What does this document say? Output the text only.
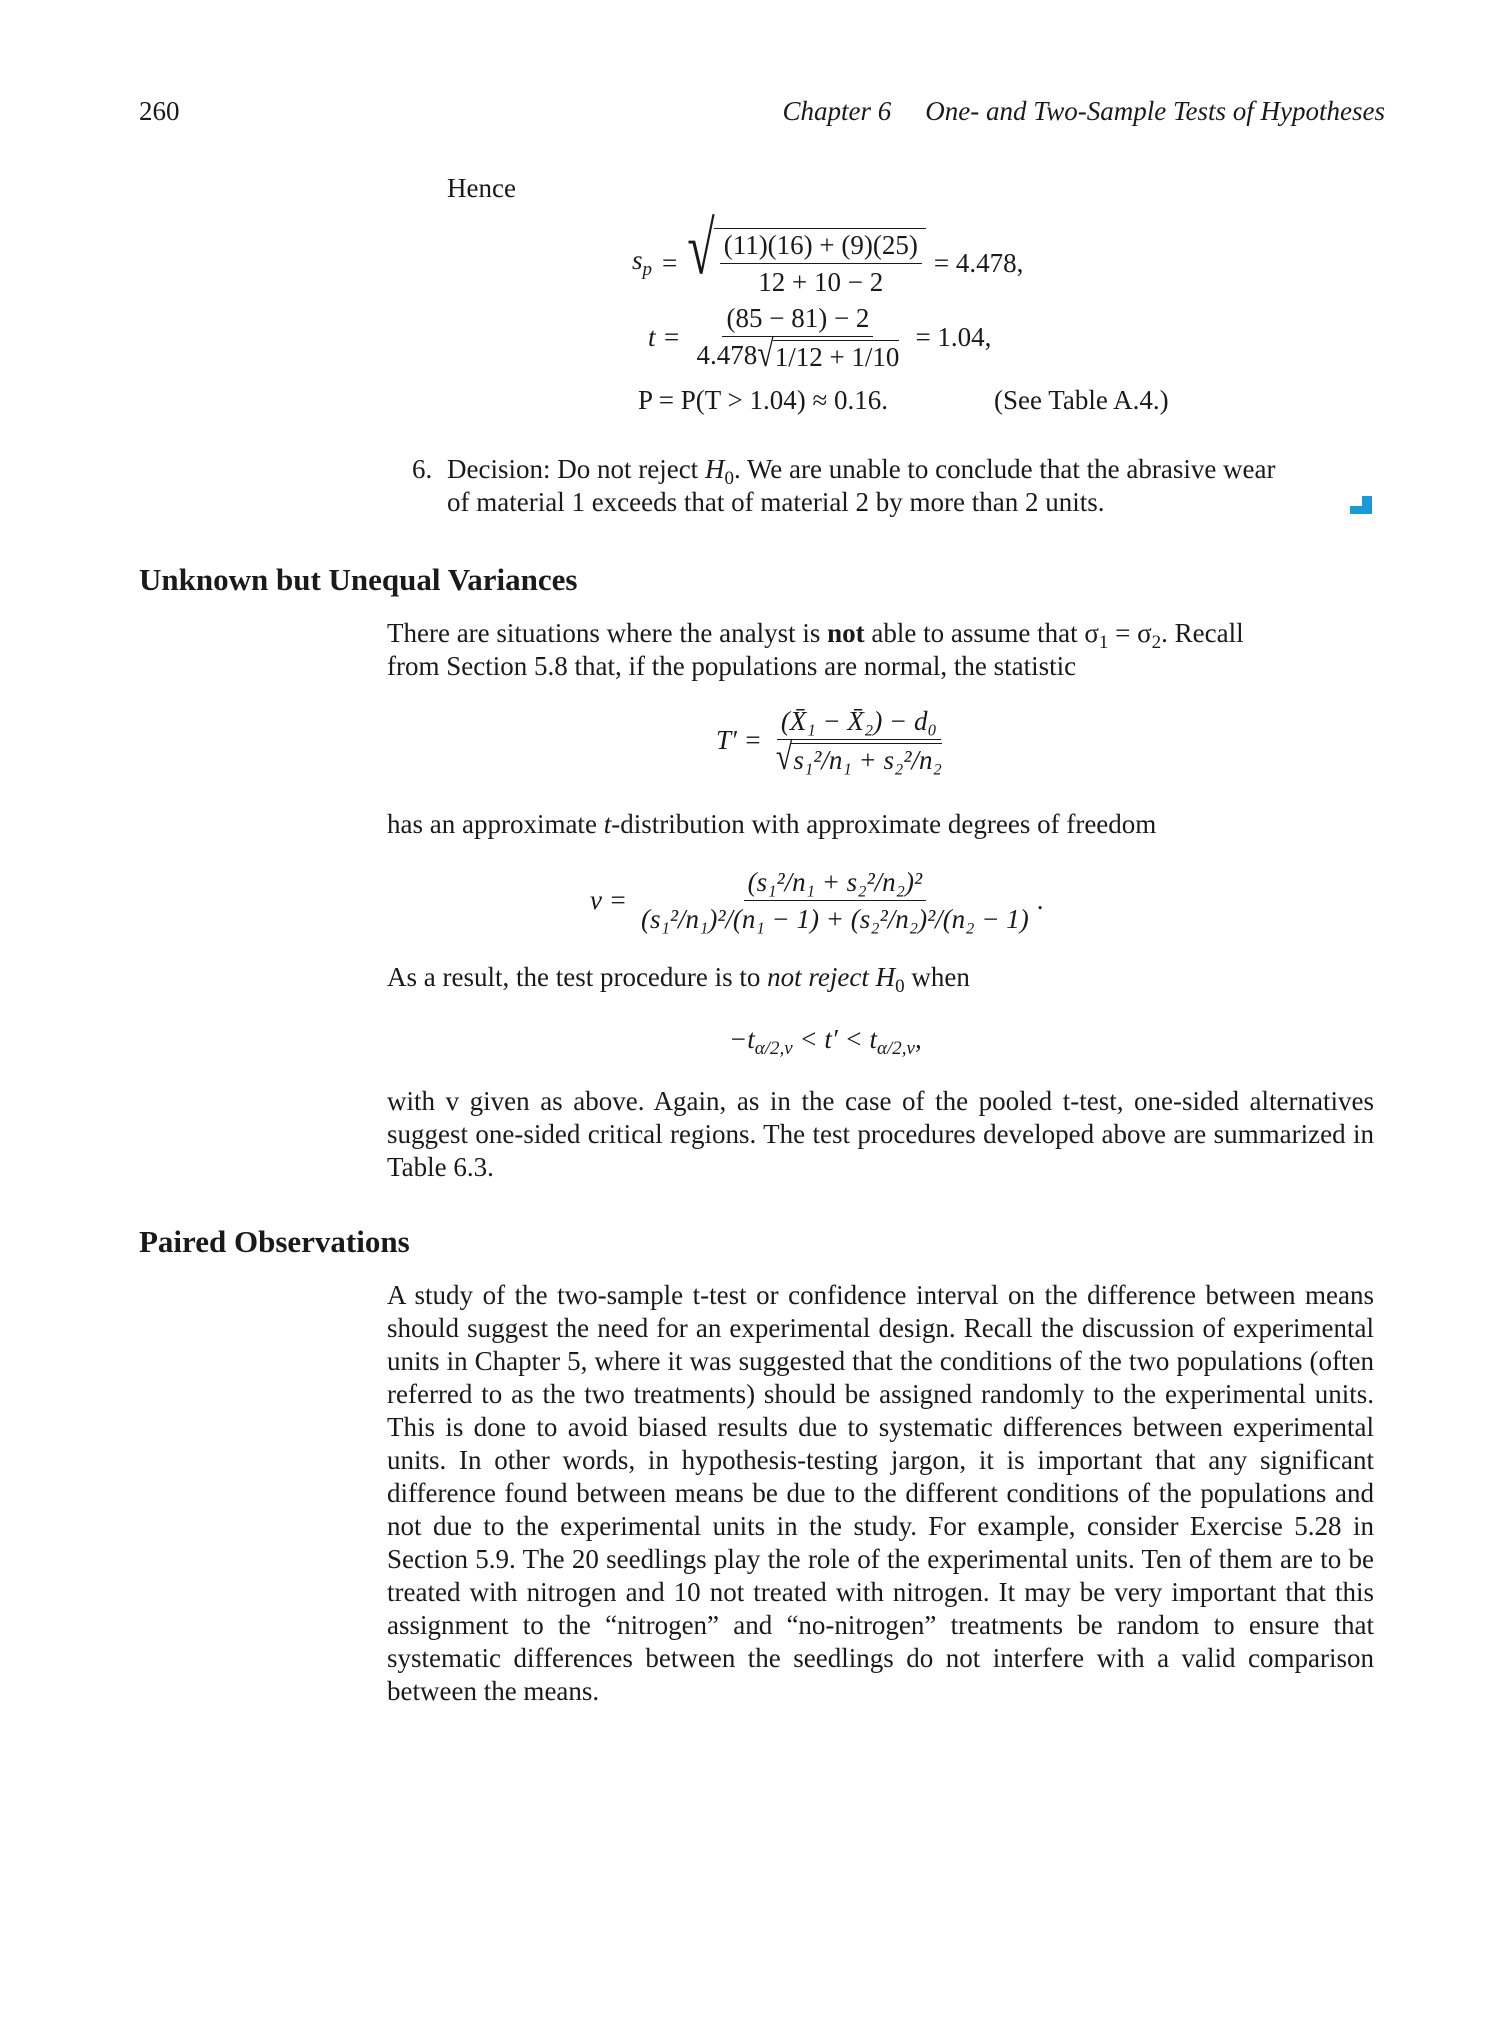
260	Chapter 6 One- and Two-Sample Tests of Hypotheses
Hence
$s_p$ = √ $\frac{(11)(16) + (9)(25)}{12 + 10 - 2} = 4.478$,
$t = \frac{(85 - 81) - 2}{4.478 √ 1/12 + 1/10} = 1.04$,
P = P(T > 1.04) ≈ 0.16.	(See Table A.4.)
6. Decision: Do not reject $H_0$. We are unable to conclude that the abrasive wear
of material 1 exceeds that of material 2 by more than 2 units.
Unknown but Unequal Variances
There are situations where the analyst is not able to assume that $\sigma_1 = \sigma_2$. Recall
from Section 5.8 that, if the populations are normal, the statistic
$T' = \frac{\text{(X̄₁ − X̄₂) − d₀}}{\text{√ s₁²/n₁ + s₂²/n₂}}$
has an approximate t-distribution with approximate degrees of freedom
$v = \frac{\text{(s₁²/n₁ + s₂²/n₂)²}}{\text{(s₁²/n₁)²/(n₁ − 1) + (s₂²/n₂)²/(n₂ − 1)}}$ .
As a result, the test procedure is to not reject $H_0$ when
$-t_{\alpha/2,v} < t' < t_{\alpha/2,v}$,
with v given as above. Again, as in the case of the pooled t-test, one-sided alternatives suggest one-sided critical regions. The test procedures developed above are summarized in Table 6.3.
Paired Observations
A study of the two-sample t-test or confidence interval on the difference between means should suggest the need for an experimental design. Recall the discussion of experimental units in Chapter 5, where it was suggested that the conditions of the two populations (often referred to as the two treatments) should be assigned randomly to the experimental units. This is done to avoid biased results due to systematic differences between experimental units. In other words, in hypothesis-testing jargon, it is important that any significant difference found between means be due to the different conditions of the populations and not due to the experimental units in the study. For example, consider Exercise 5.28 in Section 5.9. The 20 seedlings play the role of the experimental units. Ten of them are to be treated with nitrogen and 10 not treated with nitrogen. It may be very important that this assignment to the “nitrogen” and “no-nitrogen” treatments be random to ensure that systematic differences between the seedlings do not interfere with a valid comparison between the means.
